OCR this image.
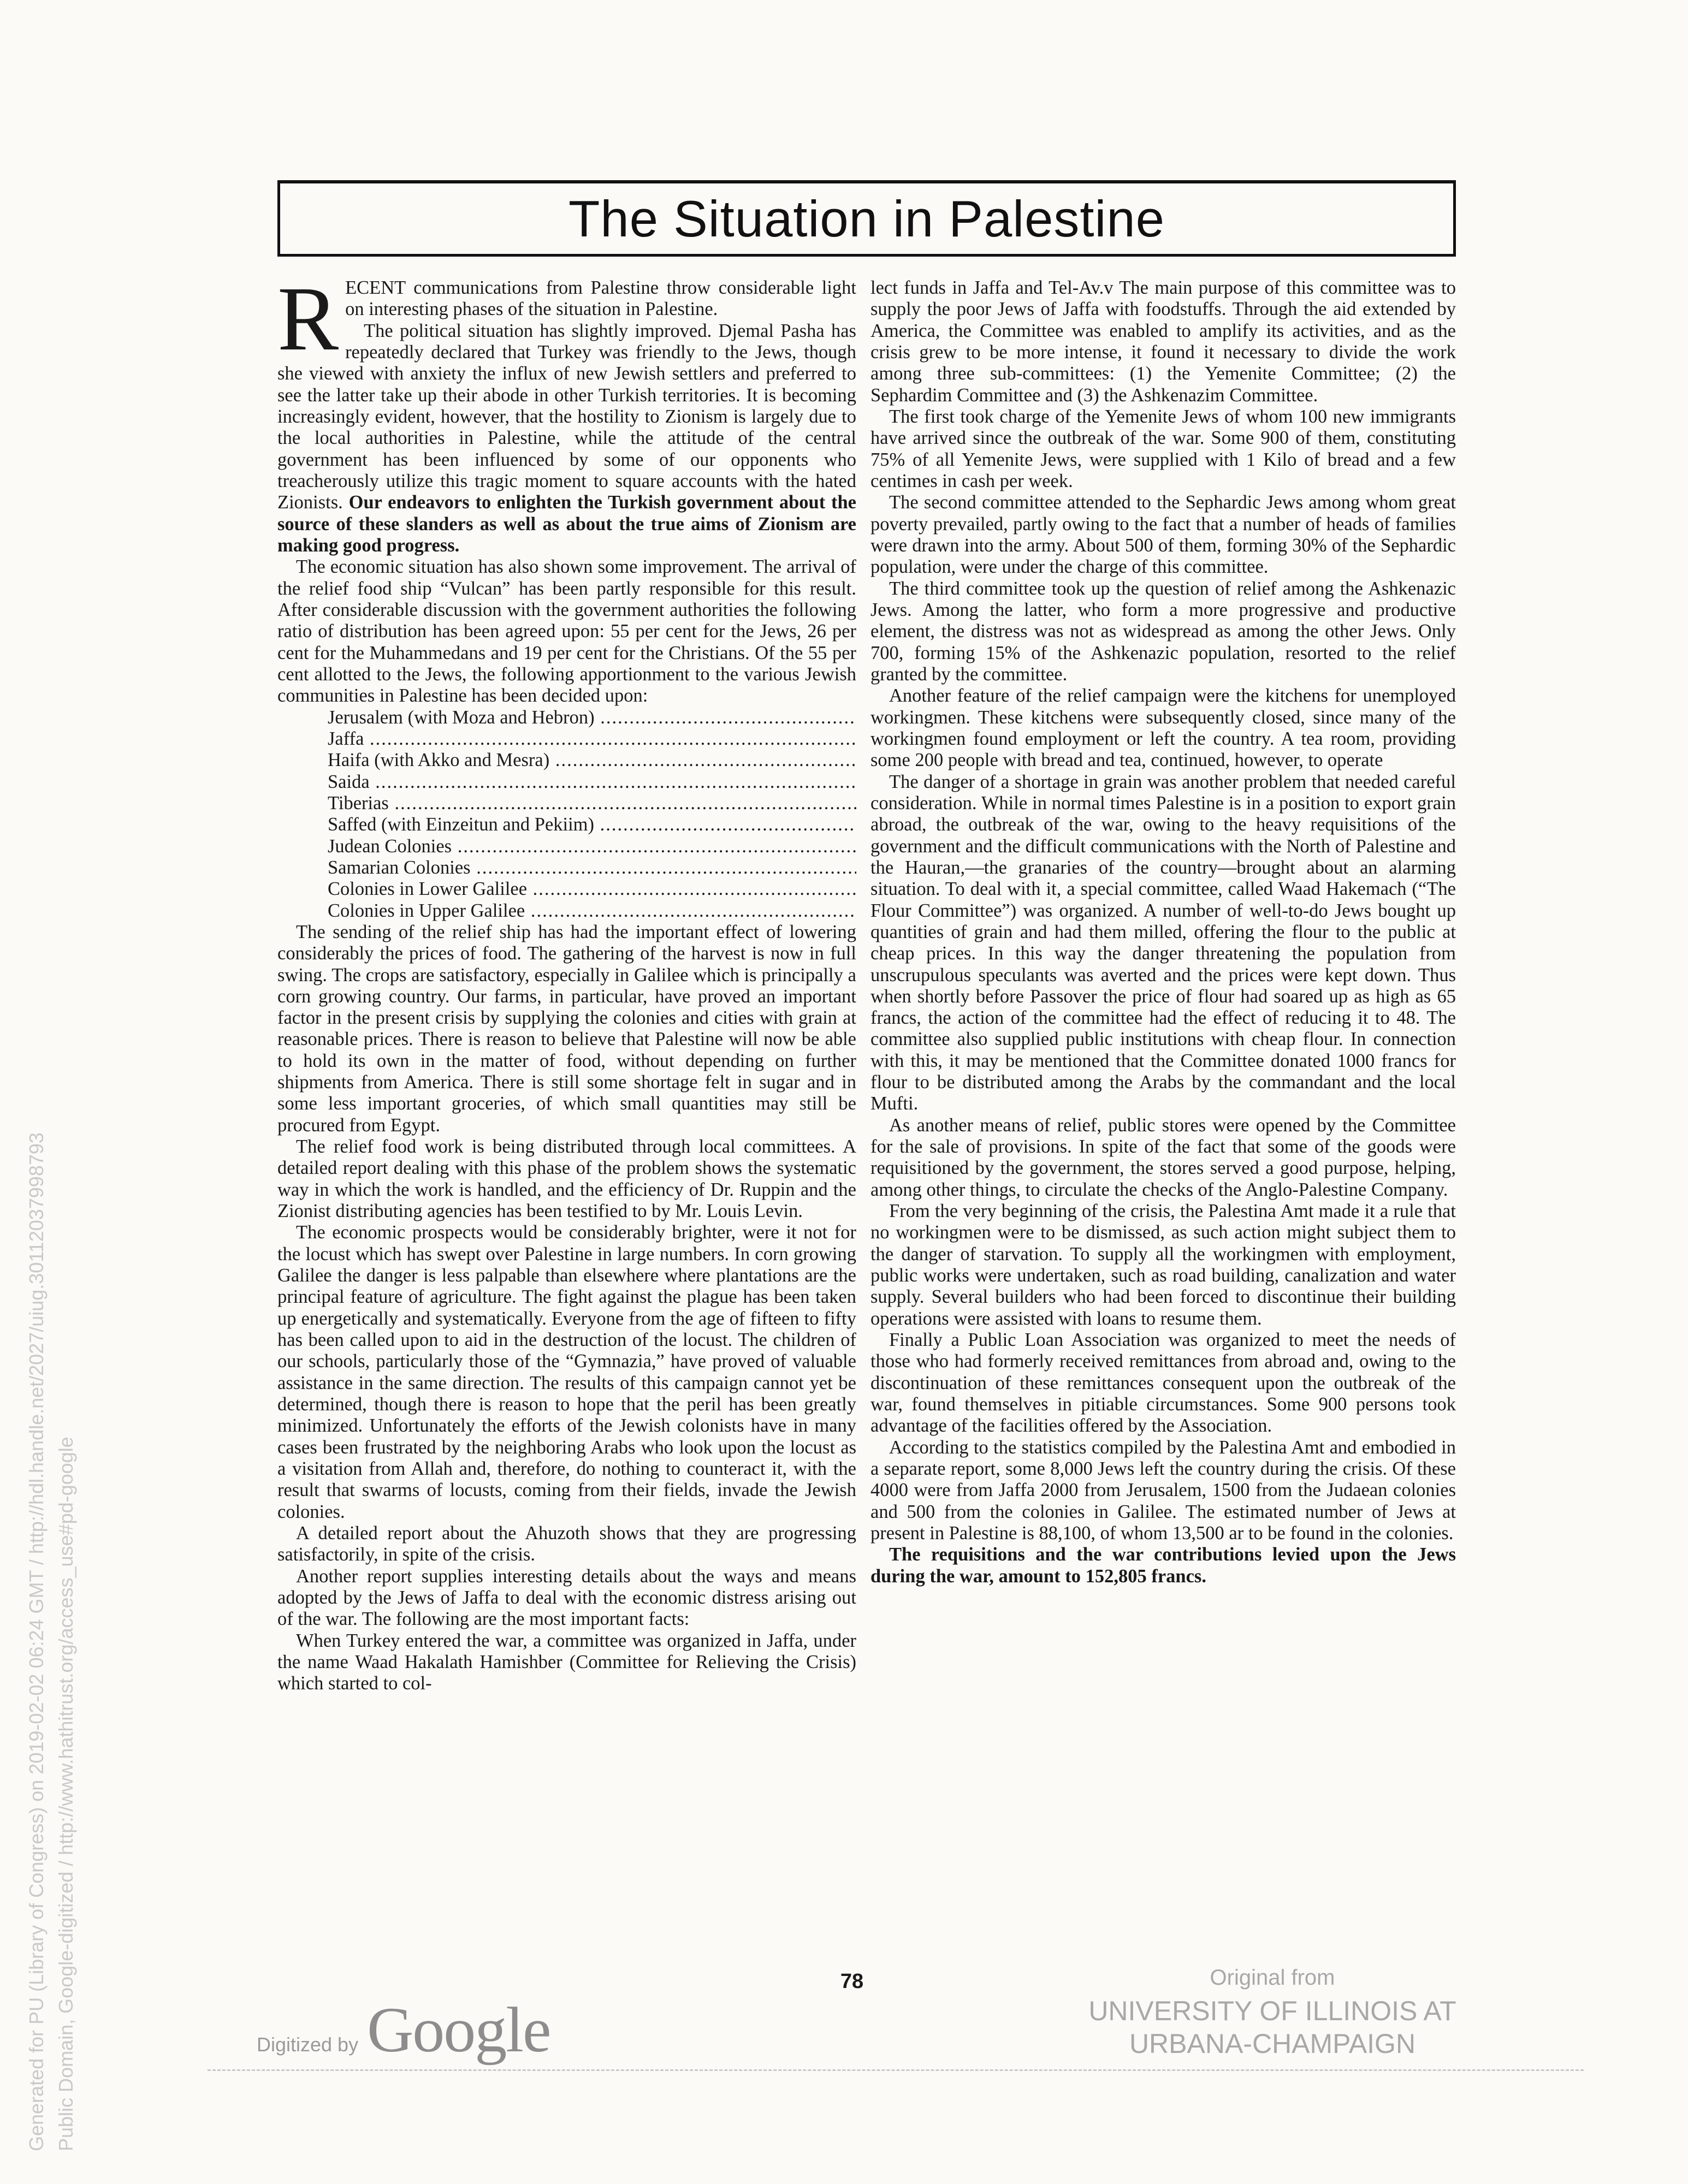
The Situation in Palestine

RECENT communications from Palestine throw considerable light on interesting phases of the situation in Palestine.

The political situation has slightly improved. Djemal Pasha has repeatedly declared that Turkey was friendly to the Jews, though she viewed with anxiety the influx of new Jewish settlers and preferred to see the latter take up their abode in other Turkish territories. It is becoming increasingly evident, however, that the hostility to Zionism is largely due to the local authorities in Palestine, while the attitude of the central government has been influenced by some of our opponents who treacherously utilize this tragic moment to square accounts with the hated Zionists. Our endeavors to enlighten the Turkish government about the source of these slanders as well as about the true aims of Zionism are making good progress.

The economic situation has also shown some improvement. The arrival of the relief food ship “Vulcan” has been partly responsible for this result. After considerable discussion with the government authorities the following ratio of distribution has been agreed upon: 55 per cent for the Jews, 26 per cent for the Muhammedans and 19 per cent for the Christians. Of the 55 per cent allotted to the Jews, the following apportionment to the various Jewish communities in Palestine has been decided upon:

Jerusalem (with Moza and Hebron) .....	
Jaffa .....	
Haifa (with Akko and Mesra) .....	
Saida .....	
Tiberias .....	
Saffed (with Einzeitun and Pekiim) .....	
Judean Colonies .....	
Samarian Colonies .....	
Colonies in Lower Galilee .....	
Colonies in Upper Galilee .....	

The sending of the relief ship has had the important effect of lowering considerably the prices of food. The gathering of the harvest is now in full swing. The crops are satisfactory, especially in Galilee which is principally a corn growing country. Our farms, in particular, have proved an important factor in the present crisis by supplying the colonies and cities with grain at reasonable prices. There is reason to believe that Palestine will now be able to hold its own in the matter of food, without depending on further shipments from America. There is still some shortage felt in sugar and in some less important groceries, of which small quantities may still be procured from Egypt.

The relief food work is being distributed through local committees. A detailed report dealing with this phase of the problem shows the systematic way in which the work is handled, and the efficiency of Dr. Ruppin and the Zionist distributing agencies has been testified to by Mr. Louis Levin.

The economic prospects would be considerably brighter, were it not for the locust which has swept over Palestine in large numbers. In corn growing Galilee the danger is less palpable than elsewhere where plantations are the principal feature of agriculture. The fight against the plague has been taken up energetically and systematically. Everyone from the age of fifteen to fifty has been called upon to aid in the destruction of the locust. The children of our schools, particularly those of the “Gymnazia,” have proved of valuable assistance in the same direction. The results of this campaign cannot yet be determined, though there is reason to hope that the peril has been greatly minimized. Unfortunately the efforts of the Jewish colonists have in many cases been frustrated by the neighboring Arabs who look upon the locust as a visitation from Allah and, therefore, do nothing to counteract it, with the result that swarms of locusts, coming from their fields, invade the Jewish colonies.

A detailed report about the Ahuzoth shows that they are progressing satisfactorily, in spite of the crisis.

Another report supplies interesting details about the ways and means adopted by the Jews of Jaffa to deal with the economic distress arising out of the war. The following are the most important facts:

When Turkey entered the war, a committee was organized in Jaffa, under the name Waad Hakalath Hamishber (Committee for Relieving the Crisis) which started to col-

lect funds in Jaffa and Tel-Av.v The main purpose of this committee was to supply the poor Jews of Jaffa with foodstuffs. Through the aid extended by America, the Committee was enabled to amplify its activities, and as the crisis grew to be more intense, it found it necessary to divide the work among three sub-committees: (1) the Yemenite Committee; (2) the Sephardim Committee and (3) the Ashkenazim Committee.

The first took charge of the Yemenite Jews of whom 100 new immigrants have arrived since the outbreak of the war. Some 900 of them, constituting 75% of all Yemenite Jews, were supplied with 1 Kilo of bread and a few centimes in cash per week.

The second committee attended to the Sephardic Jews among whom great poverty prevailed, partly owing to the fact that a number of heads of families were drawn into the army. About 500 of them, forming 30% of the Sephardic population, were under the charge of this committee.

The third committee took up the question of relief among the Ashkenazic Jews. Among the latter, who form a more progressive and productive element, the distress was not as widespread as among the other Jews. Only 700, forming 15% of the Ashkenazic population, resorted to the relief granted by the committee.

Another feature of the relief campaign were the kitchens for unemployed workingmen. These kitchens were subsequently closed, since many of the workingmen found employment or left the country. A tea room, providing some 200 people with bread and tea, continued, however, to operate

The danger of a shortage in grain was another problem that needed careful consideration. While in normal times Palestine is in a position to export grain abroad, the outbreak of the war, owing to the heavy requisitions of the government and the difficult communications with the North of Palestine and the Hauran,—the granaries of the country—brought about an alarming situation. To deal with it, a special committee, called Waad Hakemach (“The Flour Committee”) was organized. A number of well-to-do Jews bought up quantities of grain and had them milled, offering the flour to the public at cheap prices. In this way the danger threatening the population from unscrupulous speculants was averted and the prices were kept down. Thus when shortly before Passover the price of flour had soared up as high as 65 francs, the action of the committee had the effect of reducing it to 48. The committee also supplied public institutions with cheap flour. In connection with this, it may be mentioned that the Committee donated 1000 francs for flour to be distributed among the Arabs by the commandant and the local Mufti.

As another means of relief, public stores were opened by the Committee for the sale of provisions. In spite of the fact that some of the goods were requisitioned by the government, the stores served a good purpose, helping, among other things, to circulate the checks of the Anglo-Palestine Company.

From the very beginning of the crisis, the Palestina Amt made it a rule that no workingmen were to be dismissed, as such action might subject them to the danger of starvation. To supply all the workingmen with employment, public works were undertaken, such as road building, canalization and water supply. Several builders who had been forced to discontinue their building operations were assisted with loans to resume them.

Finally a Public Loan Association was organized to meet the needs of those who had formerly received remittances from abroad and, owing to the discontinuation of these remittances consequent upon the outbreak of the war, found themselves in pitiable circumstances. Some 900 persons took advantage of the facilities offered by the Association.

According to the statistics compiled by the Palestina Amt and embodied in a separate report, some 8,000 Jews left the country during the crisis. Of these 4000 were from Jaffa 2000 from Jerusalem, 1500 from the Judaean colonies and 500 from the colonies in Galilee. The estimated number of Jews at present in Palestine is 88,100, of whom 13,500 ar to be found in the colonies.

The requisitions and the war contributions levied upon the Jews during the war, amount to 152,805 francs.

78
Digitized by Google
Original from
UNIVERSITY OF ILLINOIS AT
URBANA-CHAMPAIGN
Generated for PU (Library of Congress) on 2019-02-02 06:24 GMT / http://hdl.handle.net/2027/uiug.30112037998793 Public Domain, Google-digitized / http://www.hathitrust.org/access_use#pd-google
